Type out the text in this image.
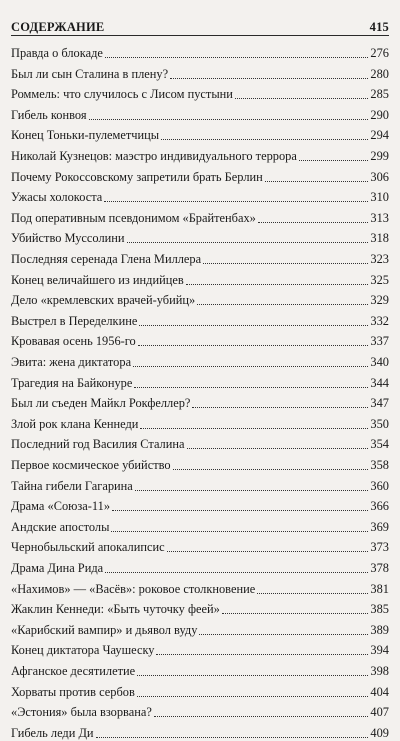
СОДЕРЖАНИЕ	415
Правда о блокаде	276
Был ли сын Сталина в плену?	280
Роммель: что случилось с Лисом пустыни	285
Гибель конвоя	290
Конец Тоньки-пулеметчицы	294
Николай Кузнецов: маэстро индивидуального террора	299
Почему Рокоссовскому запретили брать Берлин	306
Ужасы холокоста	310
Под оперативным псевдонимом «Брайтенбах»	313
Убийство Муссолини	318
Последняя серенада Глена Миллера	323
Конец величайшего из индийцев	325
Дело «кремлевских врачей-убийц»	329
Выстрел в Переделкине	332
Кровавая осень 1956-го	337
Эвита: жена диктатора	340
Трагедия на Байконуре	344
Был ли съеден Майкл Рокфеллер?	347
Злой рок клана Кеннеди	350
Последний год Василия Сталина	354
Первое космическое убийство	358
Тайна гибели Гагарина	360
Драма «Союза-11»	366
Андские апостолы	369
Чернобыльский апокалипсис	373
Драма Дина Рида	378
«Нахимов» — «Васёв»: роковое столкновение	381
Жаклин Кеннеди: «Быть чуточку феей»	385
«Карибский вампир» и дьявол вуду	389
Конец диктатора Чаушеску	394
Афганское десятилетие	398
Хорваты против сербов	404
«Эстония» была взорвана?	407
Гибель леди Ди	409
